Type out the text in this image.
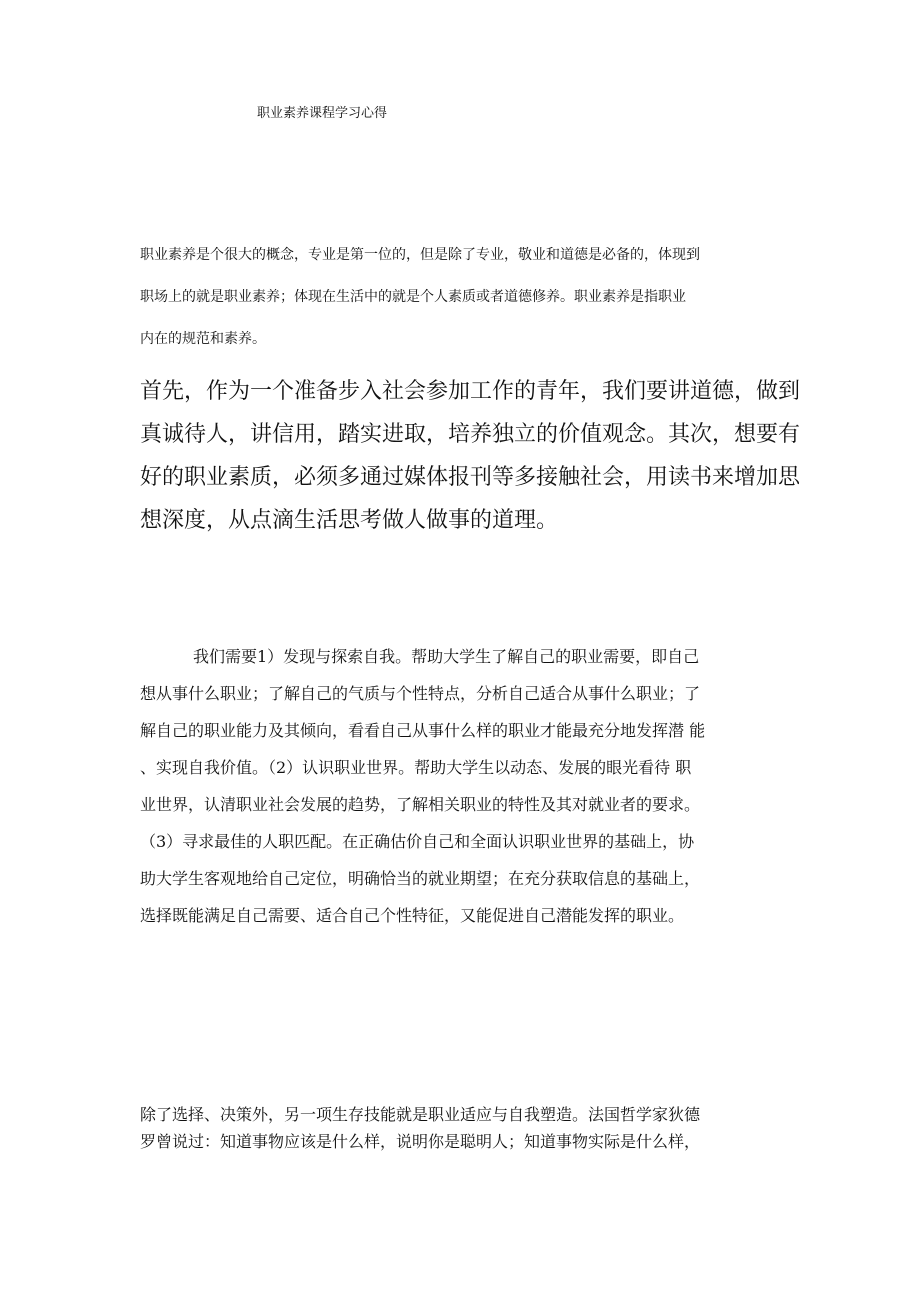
职业素养课程学习心得
职业素养是个很大的概念，专业是第一位的，但是除了专业，敬业和道德是必备的，体现到
职场上的就是职业素养；体现在生活中的就是个人素质或者道德修养。职业素养是指职业
内在的规范和素养。
首先，作为一个准备步入社会参加工作的青年，我们要讲道德，做到
真诚待人，讲信用，踏实进取，培养独立的价值观念。其次，想要有
好的职业素质，必须多通过媒体报刊等多接触社会，用读书来增加思
想深度，从点滴生活思考做人做事的道理。
我们需要1）发现与探索自我。帮助大学生了解自己的职业需要，即自己
想从事什么职业；了解自己的气质与个性特点，分析自己适合从事什么职业；了
解自己的职业能力及其倾向，看看自己从事什么样的职业才能最充分地发挥潜 能
、实现自我价值。（2）认识职业世界。帮助大学生以动态、发展的眼光看待 职
业世界，认清职业社会发展的趋势，了解相关职业的特性及其对就业者的要求。
（3）寻求最佳的人职匹配。在正确估价自己和全面认识职业世界的基础上，协
助大学生客观地给自己定位，明确恰当的就业期望；在充分获取信息的基础上，
选择既能满足自己需要、适合自己个性特征，又能促进自己潜能发挥的职业。
除了选择、决策外，另一项生存技能就是职业适应与自我塑造。法国哲学家狄德
罗曾说过：知道事物应该是什么样，说明你是聪明人；知道事物实际是什么样，
